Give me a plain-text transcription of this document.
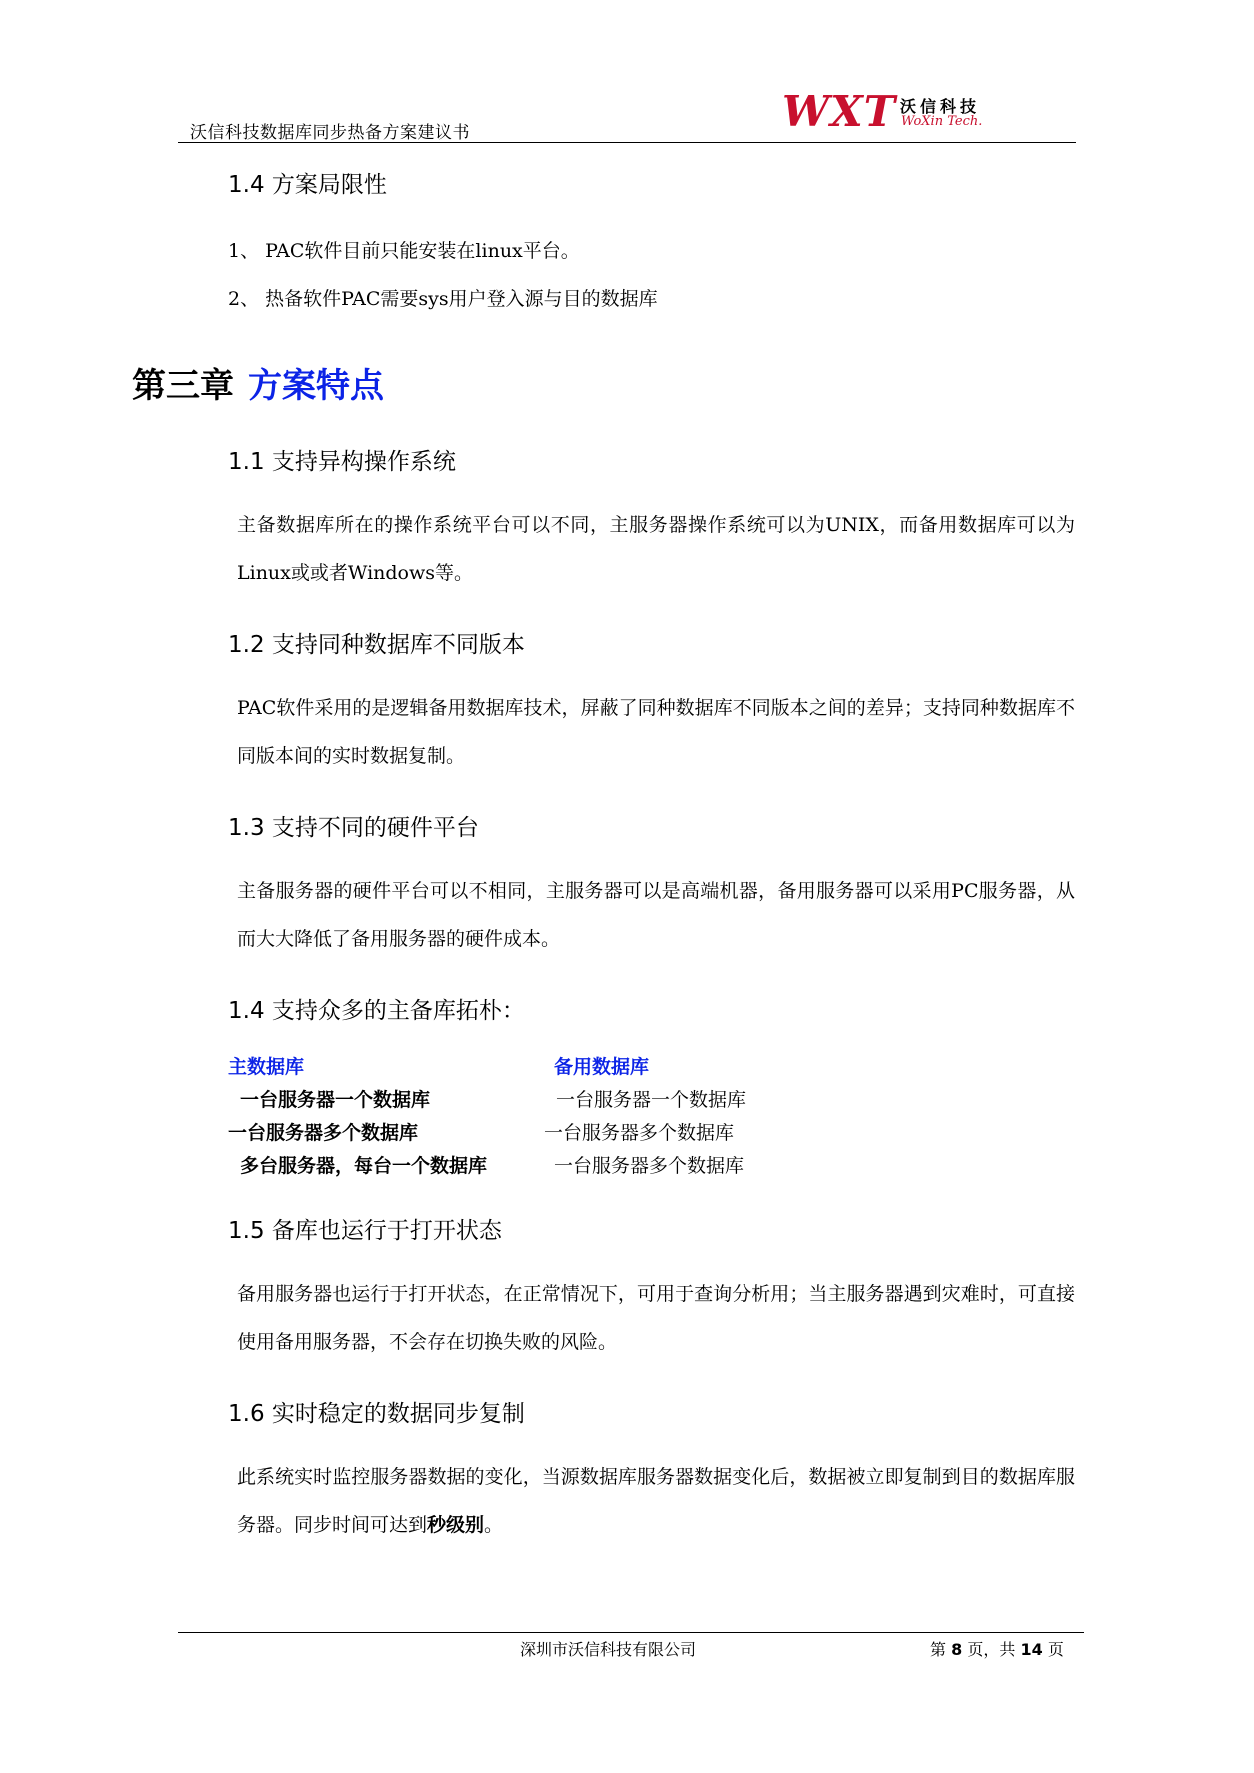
沃信科技数据库同步热备方案建议书	WXT 沃信科技
WoXin Tech.
1.4 方案局限性
1、 PAC软件目前只能安装在linux平台。
2、 热备软件PAC需要sys用户登入源与目的数据库
第三章 方案特点
1.1 支持异构操作系统
主备数据库所在的操作系统平台可以不同，主服务器操作系统可以为UNIX，而备用数据库可以为Linux或或者Windows等。
1.2 支持同种数据库不同版本
PAC软件采用的是逻辑备用数据库技术，屏蔽了同种数据库不同版本之间的差异；支持同种数据库不同版本间的实时数据复制。
1.3 支持不同的硬件平台
主备服务器的硬件平台可以不相同，主服务器可以是高端机器，备用服务器可以采用PC服务器，从而大大降低了备用服务器的硬件成本。
1.4 支持众多的主备库拓朴：
主数据库	备用数据库
一台服务器一个数据库	一台服务器一个数据库
一台服务器多个数据库	一台服务器多个数据库
多台服务器，每台一个数据库	一台服务器多个数据库
1.5 备库也运行于打开状态
备用服务器也运行于打开状态，在正常情况下，可用于查询分析用；当主服务器遇到灾难时，可直接使用备用服务器，不会存在切换失败的风险。
1.6 实时稳定的数据同步复制
此系统实时监控服务器数据的变化，当源数据库服务器数据变化后，数据被立即复制到目的数据库服务器。同步时间可达到秒级别。
深圳市沃信科技有限公司	第 8 页，共 14 页
